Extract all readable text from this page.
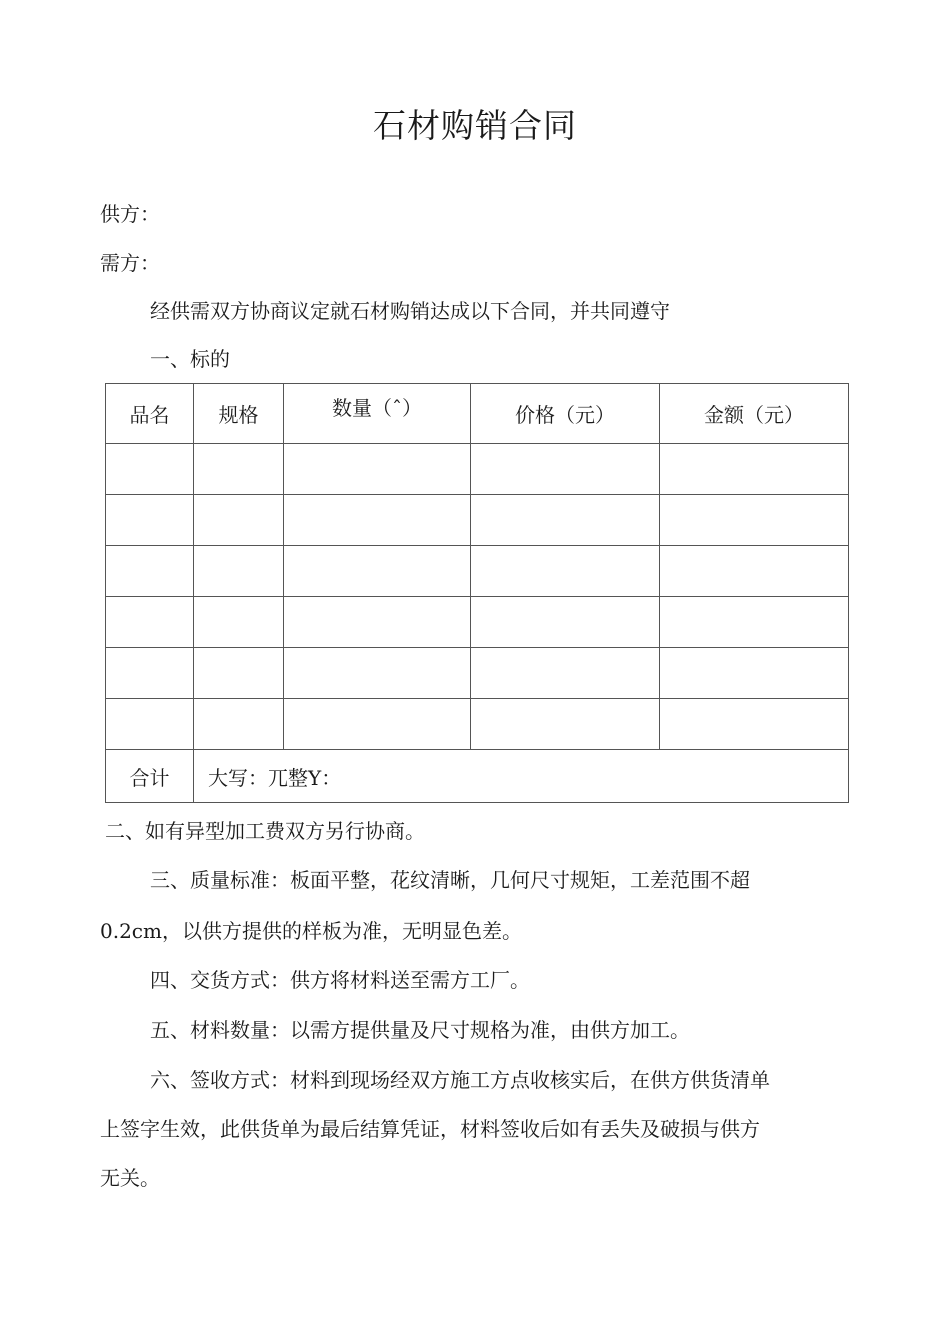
石材购销合同
供方：
需方：
经供需双方协商议定就石材购销达成以下合同，并共同遵守
一、标的
品名	规格	数量（ˆ）	价格（元）	金额（元）

合计	大写：兀整Y：			
二、如有异型加工费双方另行协商。
三、质量标准：板面平整，花纹清晰，几何尺寸规矩，工差范围不超
0.2cm，以供方提供的样板为准，无明显色差。
四、交货方式：供方将材料送至需方工厂。
五、材料数量：以需方提供量及尺寸规格为准，由供方加工。
六、签收方式：材料到现场经双方施工方点收核实后，在供方供货清单
上签字生效，此供货单为最后结算凭证，材料签收后如有丢失及破损与供方
无关。
